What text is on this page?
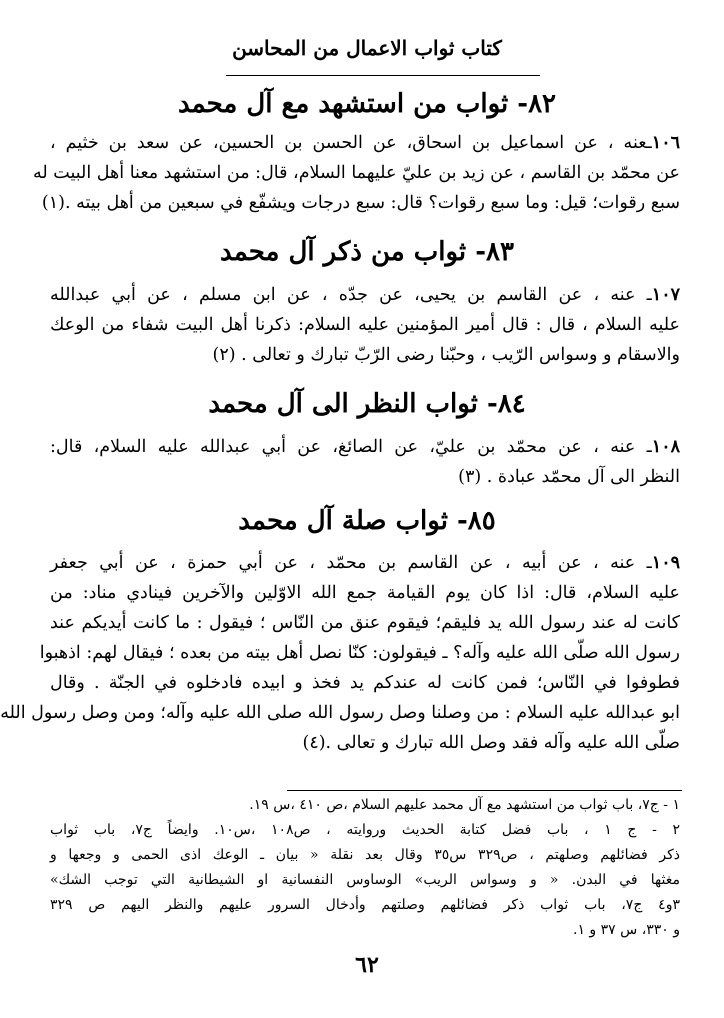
كتاب ثواب الاعمال من المحاسن
٨٢- ثواب من استشهد مع آل محمد
١٠٦ـعنه ، عن اسماعيل بن اسحاق، عن الحسن بن الحسين، عن سعد بن خثيم ،
عن محمّد بن القاسم ، عن زيد بن عليّ عليهما السلام، قال: من استشهد معنا أهل البيت له
سبع رقوات؛ قيل: وما سبع رقوات؟ قال: سبع درجات ويشفّع في سبعين من أهل بيته .(١)
٨٣- ثواب من ذكر آل محمد
١٠٧ـ عنه ، عن القاسم بن يحيى، عن جدّه ، عن ابن مسلم ، عن أبي عبدالله
عليه السلام ، قال : قال أمير المؤمنين عليه السلام: ذكرنا أهل البيت شفاء من الوعك
والاسقام و وسواس الرّيب ، وحبّنا رضى الرّبّ تبارك و تعالى . (٢)
٨٤- ثواب النظر الى آل محمد
١٠٨ـ عنه ، عن محمّد بن عليّ، عن الصائغ، عن أبي عبدالله عليه السلام، قال:
النظر الى آل محمّد عبادة . (٣)
٨٥- ثواب صلة آل محمد
١٠٩ـ عنه ، عن أبيه ، عن القاسم بن محمّد ، عن أبي حمزة ، عن أبي جعفر
عليه السلام، قال: اذا كان يوم القيامة جمع الله الاوّلين والآخرين فينادي مناد: من
كانت له عند رسول الله يد فليقم؛ فيقوم عنق من النّاس ؛ فيقول : ما كانت أيديكم عند
رسول الله صلّى الله عليه وآله؟ ـ فيقولون: كنّا نصل أهل بيته من بعده ؛ فيقال لهم: اذهبوا
فطوفوا في النّاس؛ فمن كانت له عندكم يد فخذ و ابيده فادخلوه في الجنّة . وقال
ابو عبدالله عليه السلام : من وصلنا وصل رسول الله صلى الله عليه وآله؛ ومن وصل رسول الله
صلّى الله عليه وآله فقد وصل الله تبارك و تعالى .(٤)
١ - ج٧، باب ثواب من استشهد مع آل محمد عليهم السلام ،ص ٤١٠ ،س ١٩.
٢ - ج ١ ، باب فضل كتابة الحديث وروايته ، ص١٠٨ ،س١٠. وايضاً ج٧، باب ثواب
ذكر فضائلهم وصلهتم ، ص٣٢٩ س٣٥ وقال بعد نقلة « بيان ـ الوعك اذى الحمى و وجعها و
مغثها في البدن. « و وسواس الريب» الوساوس النفسانية او الشيطانية التي توجب الشك»
٣و٤ ج٧، باب ثواب ذكر فضائلهم وصلتهم وأدخال السرور عليهم والنظر اليهم ص ٣٢٩
و ٣٣٠، س ٣٧ و ١.
٦٢
